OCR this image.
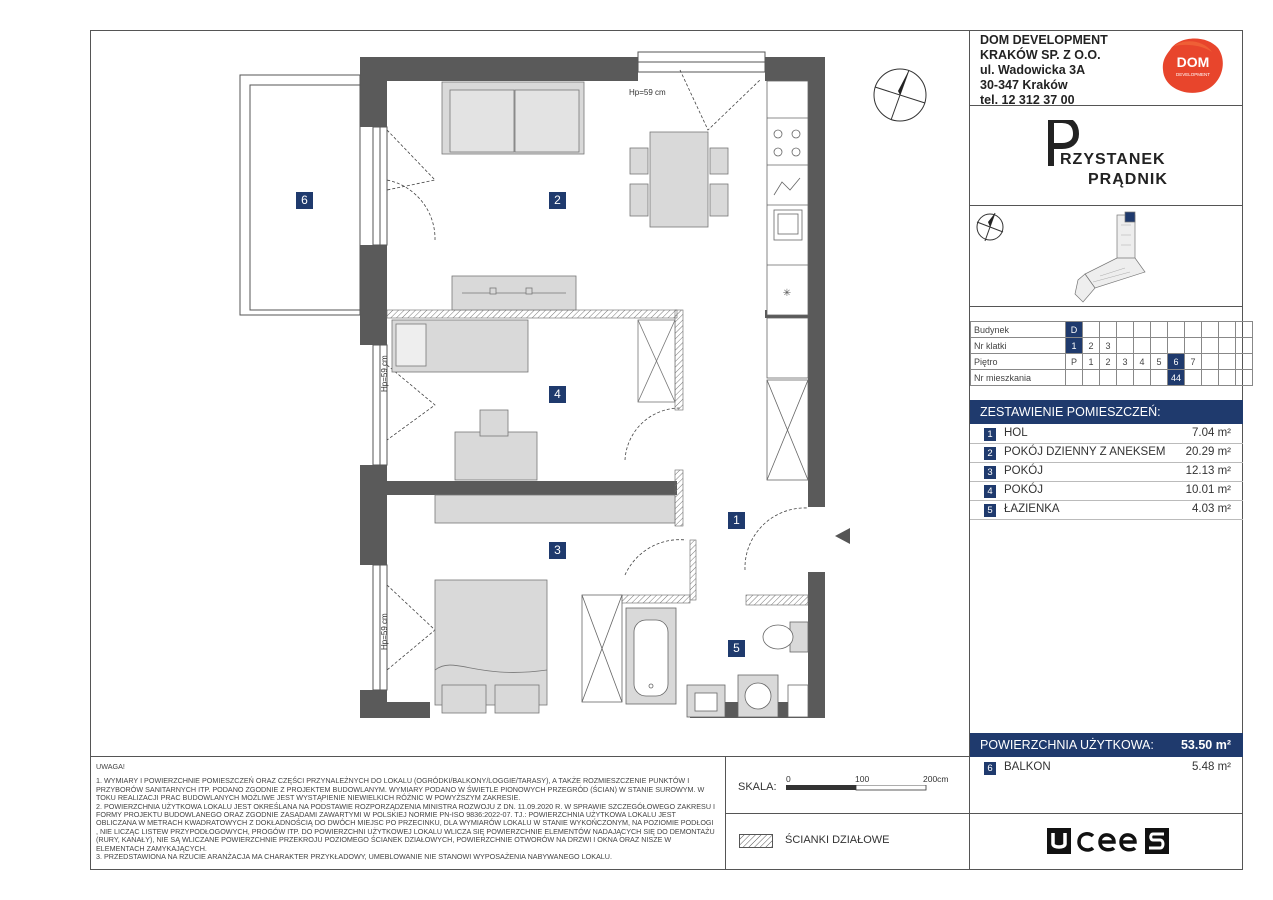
DOM DEVELOPMENT
KRAKÓW SP. Z O.O.
ul. Wadowicka 3A
30-347 Kraków
tel. 12 312 37 00
DOM
DEVELOPMENT
RZYSTANEK
PRĄDNIK
Budynek	D										
Nr klatki	1	2	3								
Piętro	P	1	2	3	4	5	6	7			
Nr mieszkania							44				
ZESTAWIENIE POMIESZCZEŃ:
1 HOL	7.04 m²
2 POKÓJ DZIENNY Z ANEKSEM 20.29 m²
3 POKÓJ	12.13 m²
4 POKÓJ	10.01 m²
5 ŁAZIENKA	4.03 m²
POWIERZCHNIA UŻYTKOWA: 53.50 m²
6 BALKON	5.48 m²
UWAGA!
1. WYMIARY I POWIERZCHNIE POMIESZCZEŃ ORAZ CZĘŚCI PRZYNALEŻNYCH DO LOKALU (OGRÓDKI/BALKONY/LOGGIE/TARASY), A TAKŻE ROZMIESZCZENIE PUNKTÓW I PRZYBORÓW SANITARNYCH ITP. PODANO ZGODNIE Z PROJEKTEM BUDOWLANYM. WYMIARY PODANO W ŚWIETLE PIONOWYCH PRZEGRÓD (ŚCIAN) W STANIE SUROWYM. W TOKU REALIZACJI PRAC BUDOWLANYCH MOŻLIWE JEST WYSTĄPIENIE NIEWIELKICH RÓŻNIC W POWYŻSZYM ZAKRESIE.
2. POWIERZCHNIA UŻYTKOWA LOKALU JEST OKREŚLANA NA PODSTAWIE ROZPORZĄDZENIA MINISTRA ROZWOJU Z DN. 11.09.2020 R. W SPRAWIE SZCZEGÓŁOWEGO ZAKRESU I FORMY PROJEKTU BUDOWLANEGO ORAZ ZGODNIE ZASADAMI ZAWARTYMI W POLSKIEJ NORMIE PN-ISO 9836:2022-07. TJ.: POWIERZCHNIA UŻYTKOWA LOKALU JEST OBLICZANA W METRACH KWADRATOWYCH Z DOKŁADNOŚCIĄ DO DWÓCH MIEJSC PO PRZECINKU, DLA WYMIARÓW LOKALU W STANIE WYKOŃCZONYM, NA POZIOMIE PODŁOGI , NIE LICZĄC LISTEW PRZYPODŁOGOWYCH, PROGÓW ITP. DO POWIERZCHNI UŻYTKOWEJ LOKALU WLICZA SIĘ POWIERZCHNIE ELEMENTÓW NADAJĄCYCH SIĘ DO DEMONTAŻU (RURY, KANAŁY), NIE SĄ WLICZANE POWIERZCHNIE PRZEKROJU POZIOMEGO ŚCIANEK DZIAŁOWYCH, POWIERZCHNIE OTWORÓW NA DRZWI I OKNA ORAZ NISZE W ELEMENTACH ZAMYKAJĄCYCH.
3. PRZEDSTAWIONA NA RZUCIE ARANŻACJA MA CHARAKTER PRZYKŁADOWY, UMEBLOWANIE NIE STANOWI WYPOSAŻENIA NABYWANEGO LOKALU.
SKALA:
0	100	200cm
ŚCIANKI DZIAŁOWE
✳
Hp=59 cm
Hp=59 cm
Hp=59 cm
1
2
3
4
5
6
